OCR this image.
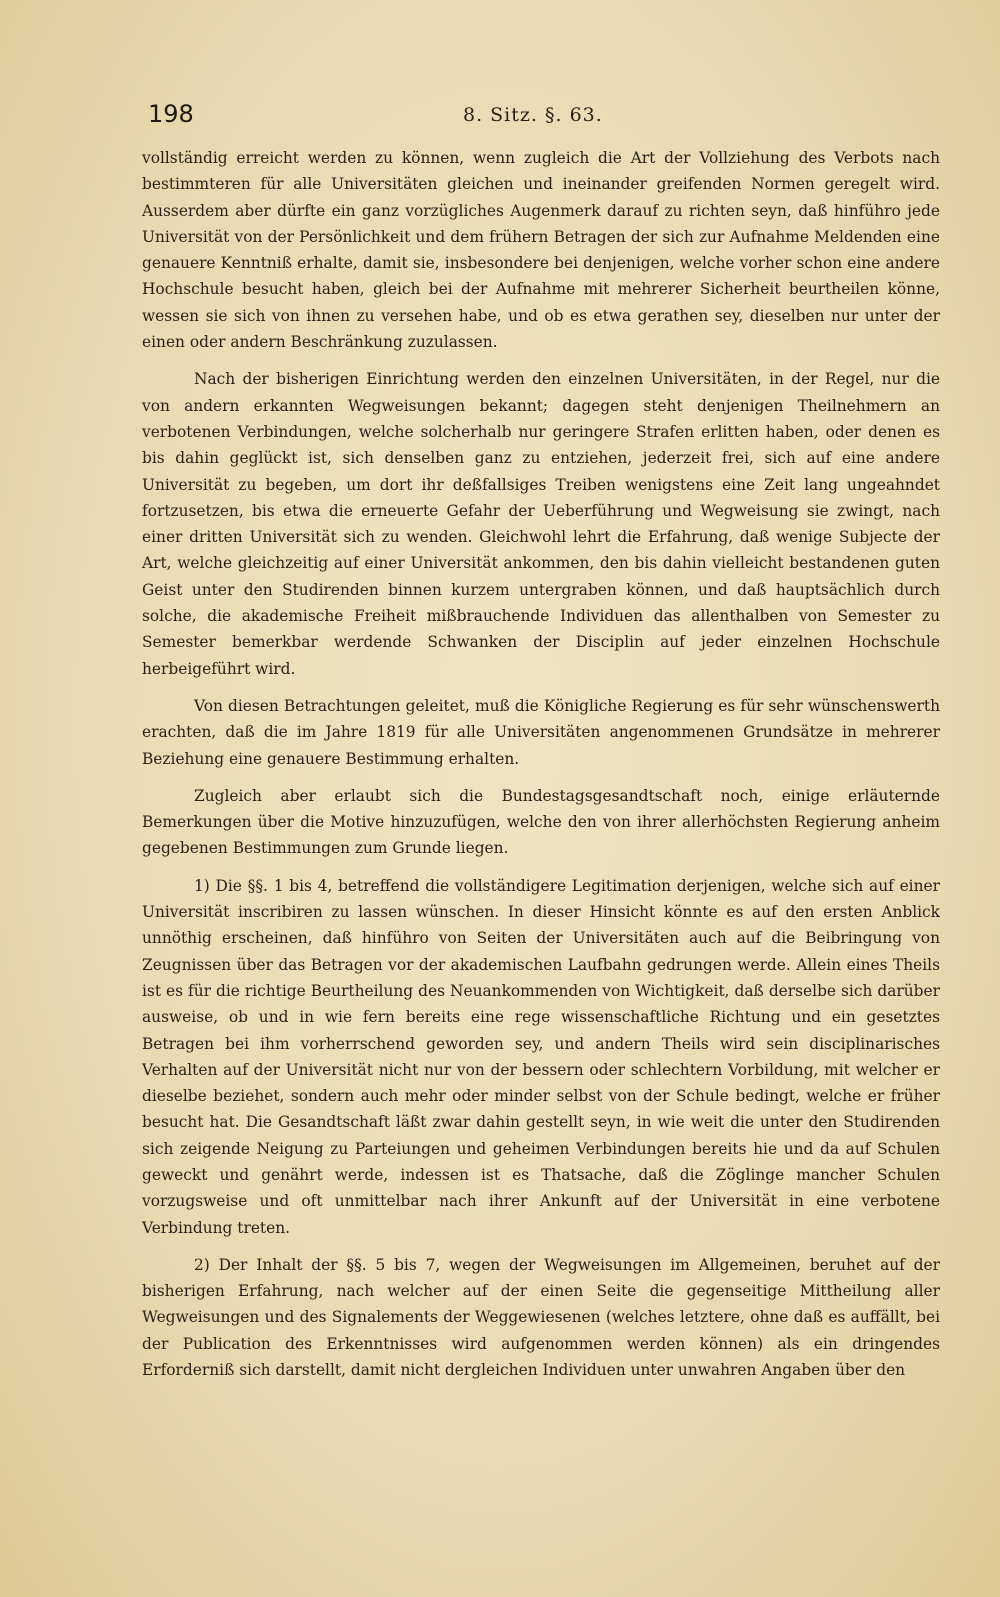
198	8. Sitz. §. 63.

vollständig erreicht werden zu können, wenn zugleich die Art der Vollziehung des Verbots nach bestimmteren für alle Universitäten gleichen und ineinander greifenden Normen geregelt wird. Ausserdem aber dürfte ein ganz vorzügliches Augenmerk darauf zu richten seyn, daß hinführo jede Universität von der Persönlichkeit und dem frühern Betragen der sich zur Aufnahme Meldenden eine genauere Kenntniß erhalte, damit sie, insbesondere bei denjenigen, welche vorher schon eine andere Hochschule besucht haben, gleich bei der Aufnahme mit mehrerer Sicherheit beurtheilen könne, wessen sie sich von ihnen zu versehen habe, und ob es etwa gerathen sey, dieselben nur unter der einen oder andern Beschränkung zuzulassen.

Nach der bisherigen Einrichtung werden den einzelnen Universitäten, in der Regel, nur die von andern erkannten Wegweisungen bekannt; dagegen steht denjenigen Theilnehmern an verbotenen Verbindungen, welche solcherhalb nur geringere Strafen erlitten haben, oder denen es bis dahin geglückt ist, sich denselben ganz zu entziehen, jederzeit frei, sich auf eine andere Universität zu begeben, um dort ihr deßfallsiges Treiben wenigstens eine Zeit lang ungeahndet fortzusetzen, bis etwa die erneuerte Gefahr der Ueberführung und Wegweisung sie zwingt, nach einer dritten Universität sich zu wenden. Gleichwohl lehrt die Erfahrung, daß wenige Subjecte der Art, welche gleichzeitig auf einer Universität ankommen, den bis dahin vielleicht bestandenen guten Geist unter den Studirenden binnen kurzem untergraben können, und daß hauptsächlich durch solche, die akademische Freiheit mißbrauchende Individuen das allenthalben von Semester zu Semester bemerkbar werdende Schwanken der Disciplin auf jeder einzelnen Hochschule herbeigeführt wird.

Von diesen Betrachtungen geleitet, muß die Königliche Regierung es für sehr wünschenswerth erachten, daß die im Jahre 1819 für alle Universitäten angenommenen Grundsätze in mehrerer Beziehung eine genauere Bestimmung erhalten.

Zugleich aber erlaubt sich die Bundestagsgesandtschaft noch, einige erläuternde Bemerkungen über die Motive hinzuzufügen, welche den von ihrer allerhöchsten Regierung anheim gegebenen Bestimmungen zum Grunde liegen.

1) Die §§. 1 bis 4, betreffend die vollständigere Legitimation derjenigen, welche sich auf einer Universität inscribiren zu lassen wünschen. In dieser Hinsicht könnte es auf den ersten Anblick unnöthig erscheinen, daß hinführo von Seiten der Universitäten auch auf die Beibringung von Zeugnissen über das Betragen vor der akademischen Laufbahn gedrungen werde. Allein eines Theils ist es für die richtige Beurtheilung des Neuankommenden von Wichtigkeit, daß derselbe sich darüber ausweise, ob und in wie fern bereits eine rege wissenschaftliche Richtung und ein gesetztes Betragen bei ihm vorherrschend geworden sey, und andern Theils wird sein disciplinarisches Verhalten auf der Universität nicht nur von der bessern oder schlechtern Vorbildung, mit welcher er dieselbe beziehet, sondern auch mehr oder minder selbst von der Schule bedingt, welche er früher besucht hat. Die Gesandtschaft läßt zwar dahin gestellt seyn, in wie weit die unter den Studirenden sich zeigende Neigung zu Parteiungen und geheimen Verbindungen bereits hie und da auf Schulen geweckt und genährt werde, indessen ist es Thatsache, daß die Zöglinge mancher Schulen vorzugsweise und oft unmittelbar nach ihrer Ankunft auf der Universität in eine verbotene Verbindung treten.

2) Der Inhalt der §§. 5 bis 7, wegen der Wegweisungen im Allgemeinen, beruhet auf der bisherigen Erfahrung, nach welcher auf der einen Seite die gegenseitige Mittheilung aller Wegweisungen und des Signalements der Weggewiesenen (welches letztere, ohne daß es auffällt, bei der Publication des Erkenntnisses wird aufgenommen werden können) als ein dringendes Erforderniß sich darstellt, damit nicht dergleichen Individuen unter unwahren Angaben über den
